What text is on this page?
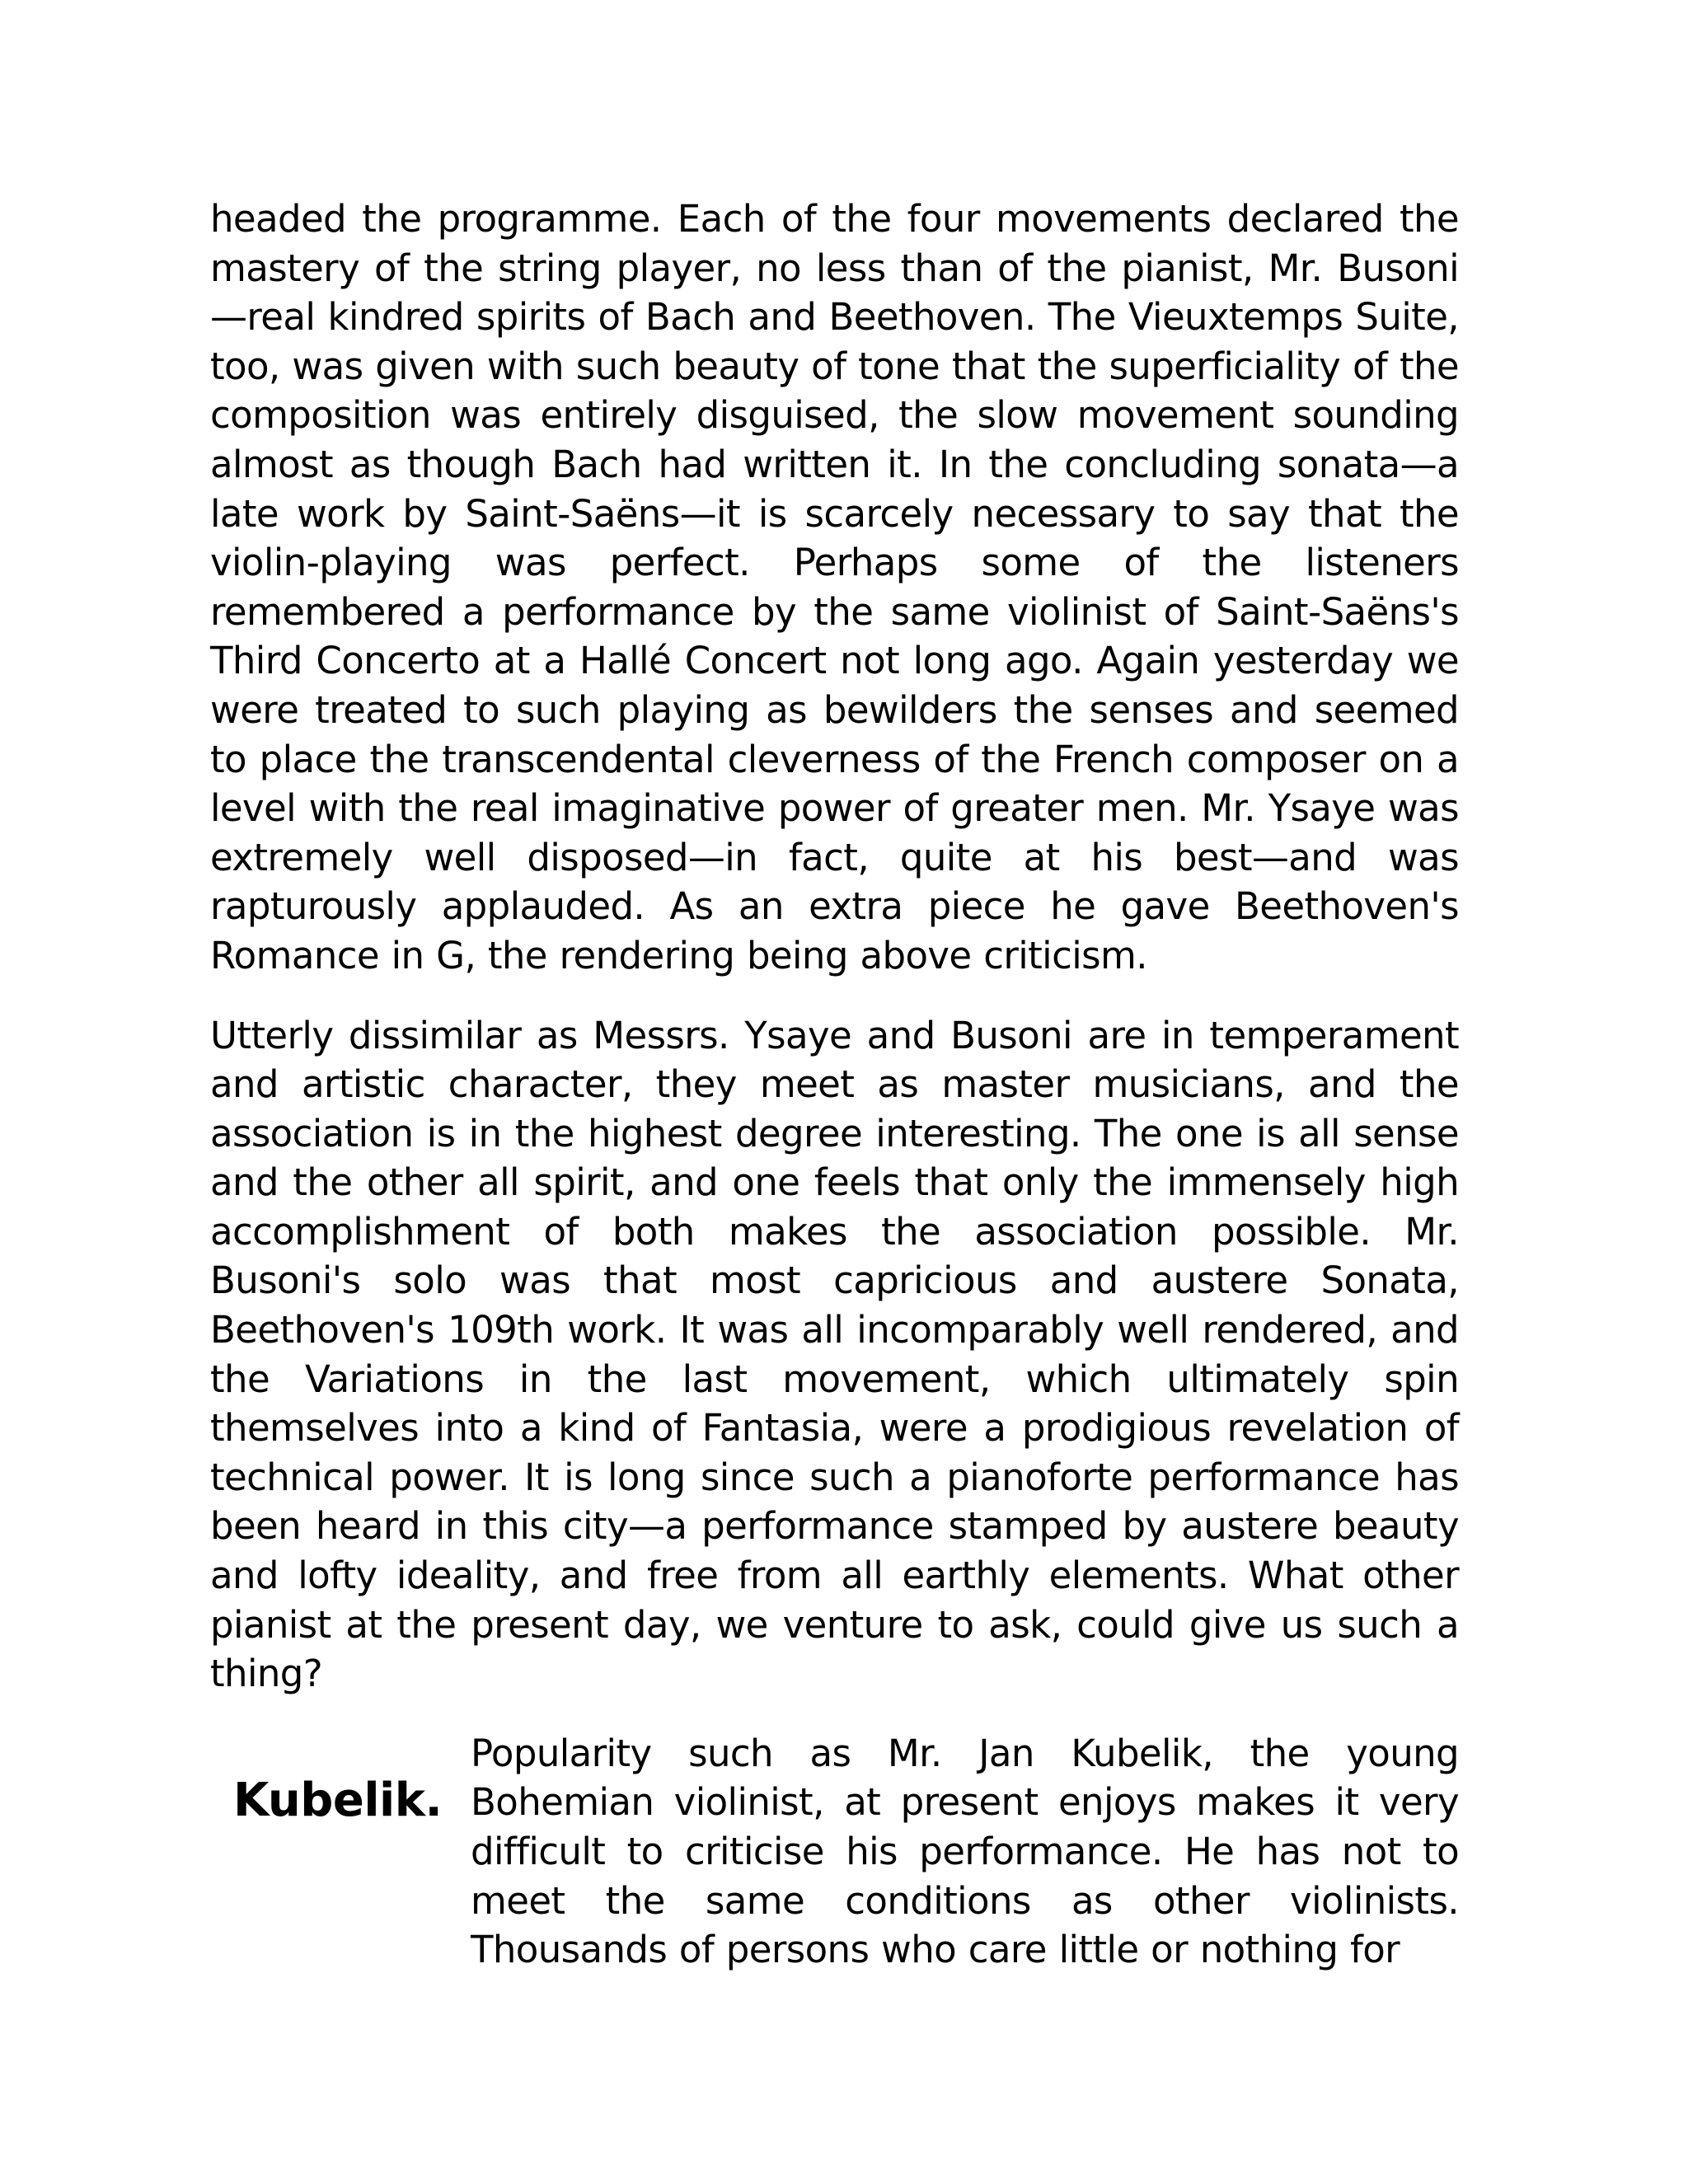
headed the programme. Each of the four movements declared the mastery of the string player, no less than of the pianist, Mr. Busoni—real kindred spirits of Bach and Beethoven. The Vieuxtemps Suite, too, was given with such beauty of tone that the superficiality of the composition was entirely disguised, the slow movement sounding almost as though Bach had written it. In the concluding sonata—a late work by Saint-Saëns—it is scarcely necessary to say that the violin-playing was perfect. Perhaps some of the listeners remembered a performance by the same violinist of Saint-Saëns's Third Concerto at a Hallé Concert not long ago. Again yesterday we were treated to such playing as bewilders the senses and seemed to place the transcendental cleverness of the French composer on a level with the real imaginative power of greater men. Mr. Ysaye was extremely well disposed—in fact, quite at his best—and was rapturously applauded. As an extra piece he gave Beethoven's Romance in G, the rendering being above criticism.

Utterly dissimilar as Messrs. Ysaye and Busoni are in temperament and artistic character, they meet as master musicians, and the association is in the highest degree interesting. The one is all sense and the other all spirit, and one feels that only the immensely high accomplishment of both makes the association possible. Mr. Busoni's solo was that most capricious and austere Sonata, Beethoven's 109th work. It was all incomparably well rendered, and the Variations in the last movement, which ultimately spin themselves into a kind of Fantasia, were a prodigious revelation of technical power. It is long since such a pianoforte performance has been heard in this city—a performance stamped by austere beauty and lofty ideality, and free from all earthly elements. What other pianist at the present day, we venture to ask, could give us such a thing?

Kubelik.

Popularity such as Mr. Jan Kubelik, the young Bohemian violinist, at present enjoys makes it very difficult to criticise his performance. He has not to meet the same conditions as other violinists. Thousands of persons who care little or nothing for
